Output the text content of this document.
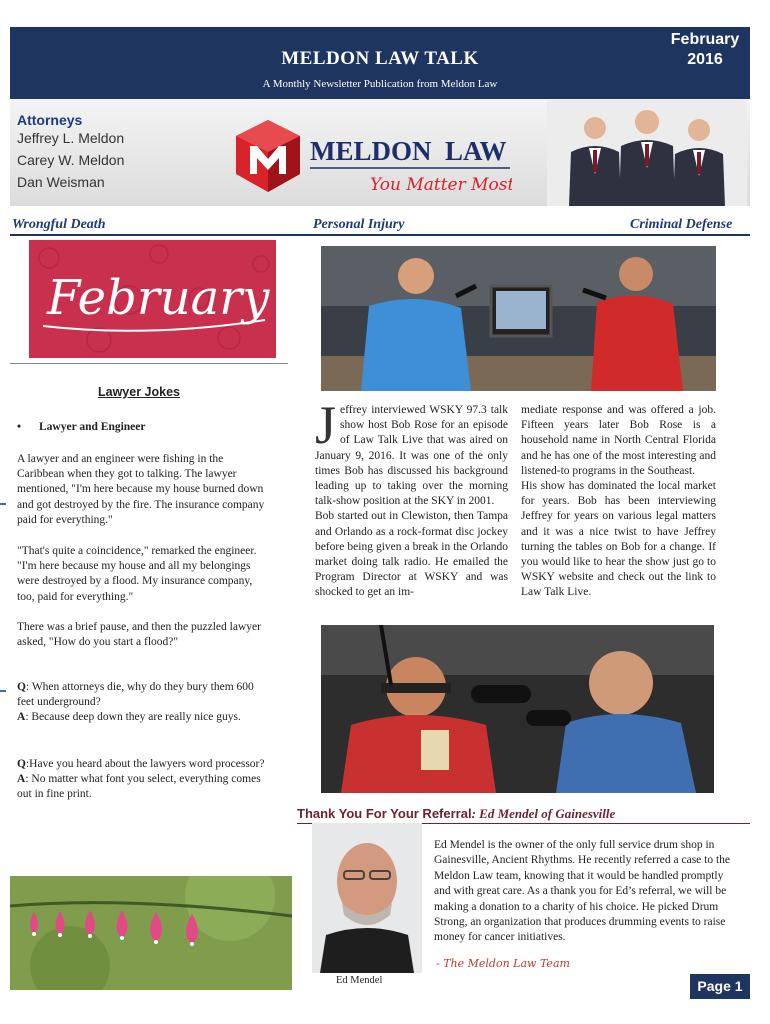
MELDON LAW TALK
A Monthly Newsletter Publication from Meldon Law
February
2016
Attorneys
Jeffrey L. Meldon
Carey W. Meldon
Dan Weisman
MELDON LAW
You Matter Most
Wrongful Death	Personal Injury	Criminal Defense
February
Lawyer Jokes
• Lawyer and Engineer
A lawyer and an engineer were fishing in the Caribbean when they got to talking. The lawyer mentioned, "I'm here because my house burned down and got destroyed by the fire. The insurance company paid for everything."
"That's quite a coincidence," remarked the engineer. "I'm here because my house and all my belongings were destroyed by a flood. My insurance company, too, paid for everything."
There was a brief pause, and then the puzzled lawyer asked, "How do you start a flood?"
Q: When attorneys die, why do they bury them 600 feet underground?
A: Because deep down they are really nice guys.
Q:Have you heard about the lawyers word processor?
A: No matter what font you select, everything comes out in fine print.
Jeffrey interviewed WSKY 97.3 talk show host Bob Rose for an episode of Law Talk Live that was aired on January 9, 2016. It was one of the only times Bob has discussed his background leading up to taking over the morning talk-show position at the SKY in 2001.
Bob started out in Clewiston, then Tampa and Orlando as a rock-format disc jockey before being given a break in the Orlando market doing talk radio. He emailed the Program Director at WSKY and was shocked to get an im-
mediate response and was offered a job. Fifteen years later Bob Rose is a household name in North Central Florida and he has one of the most interesting and listened-to programs in the Southeast.
His show has dominated the local market for years. Bob has been interviewing Jeffrey for years on various legal matters and it was a nice twist to have Jeffrey turning the tables on Bob for a change. If you would like to hear the show just go to WSKY website and check out the link to Law Talk Live.
Thank You For Your Referral: Ed Mendel of Gainesville
Ed Mendel is the owner of the only full service drum shop in Gainesville, Ancient Rhythms. He recently referred a case to the Meldon Law team, knowing that it would be handled promptly and with great care. As a thank you for Ed’s referral, we will be making a donation to a charity of his choice. He picked Drum Strong, an organization that produces drumming events to raise money for cancer initiatives.
- The Meldon Law Team
Ed Mendel	Page 1
